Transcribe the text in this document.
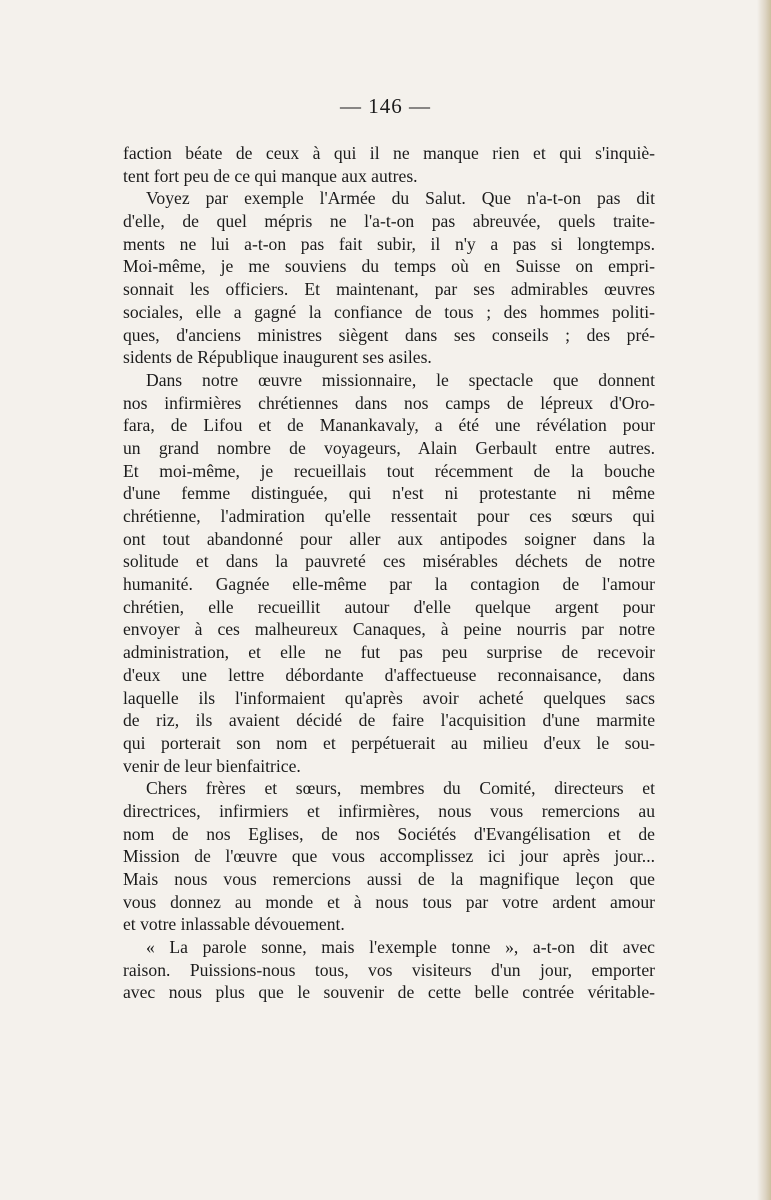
— 146 —
faction béate de ceux à qui il ne manque rien et qui s'inquiè-
tent fort peu de ce qui manque aux autres.
Voyez par exemple l'Armée du Salut. Que n'a-t-on pas dit
d'elle, de quel mépris ne l'a-t-on pas abreuvée, quels traite-
ments ne lui a-t-on pas fait subir, il n'y a pas si longtemps.
Moi-même, je me souviens du temps où en Suisse on empri-
sonnait les officiers. Et maintenant, par ses admirables œuvres
sociales, elle a gagné la confiance de tous ; des hommes politi-
ques, d'anciens ministres siègent dans ses conseils ; des pré-
sidents de République inaugurent ses asiles.
Dans notre œuvre missionnaire, le spectacle que donnent
nos infirmières chrétiennes dans nos camps de lépreux d'Oro-
fara, de Lifou et de Manankavaly, a été une révélation pour
un grand nombre de voyageurs, Alain Gerbault entre autres.
Et moi-même, je recueillais tout récemment de la bouche
d'une femme distinguée, qui n'est ni protestante ni même
chrétienne, l'admiration qu'elle ressentait pour ces sœurs qui
ont tout abandonné pour aller aux antipodes soigner dans la
solitude et dans la pauvreté ces misérables déchets de notre
humanité. Gagnée elle-même par la contagion de l'amour
chrétien, elle recueillit autour d'elle quelque argent pour
envoyer à ces malheureux Canaques, à peine nourris par notre
administration, et elle ne fut pas peu surprise de recevoir
d'eux une lettre débordante d'affectueuse reconnaisance, dans
laquelle ils l'informaient qu'après avoir acheté quelques sacs
de riz, ils avaient décidé de faire l'acquisition d'une marmite
qui porterait son nom et perpétuerait au milieu d'eux le sou-
venir de leur bienfaitrice.
Chers frères et sœurs, membres du Comité, directeurs et
directrices, infirmiers et infirmières, nous vous remercions au
nom de nos Eglises, de nos Sociétés d'Evangélisation et de
Mission de l'œuvre que vous accomplissez ici jour après jour...
Mais nous vous remercions aussi de la magnifique leçon que
vous donnez au monde et à nous tous par votre ardent amour
et votre inlassable dévouement.
« La parole sonne, mais l'exemple tonne », a-t-on dit avec
raison. Puissions-nous tous, vos visiteurs d'un jour, emporter
avec nous plus que le souvenir de cette belle contrée véritable-
